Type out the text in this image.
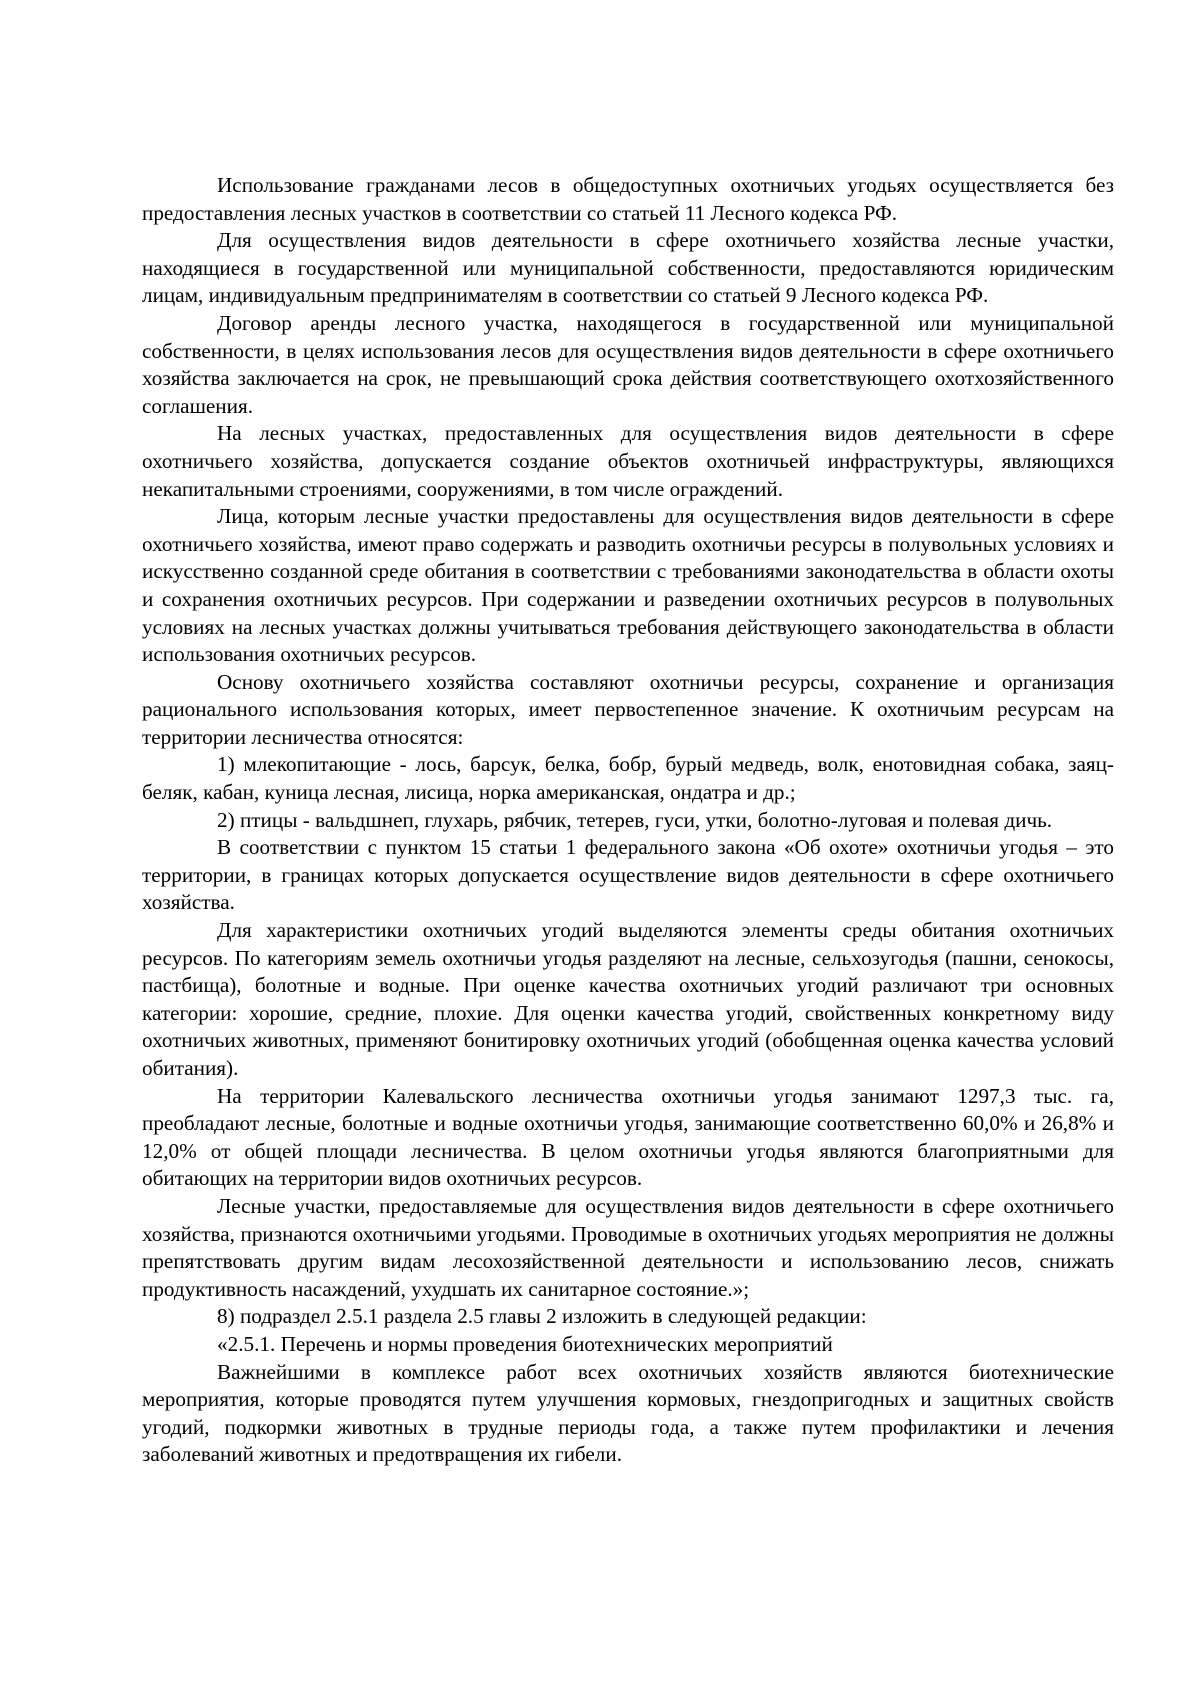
Использование гражданами лесов в общедоступных охотничьих угодьях осуществляется без предоставления лесных участков в соответствии со статьей 11 Лесного кодекса РФ.

Для осуществления видов деятельности в сфере охотничьего хозяйства лесные участки, находящиеся в государственной или муниципальной собственности, предоставляются юридическим лицам, индивидуальным предпринимателям в соответствии со статьей 9 Лесного кодекса РФ.

Договор аренды лесного участка, находящегося в государственной или муниципальной собственности, в целях использования лесов для осуществления видов деятельности в сфере охотничьего хозяйства заключается на срок, не превышающий срока действия соответствующего охотхозяйственного соглашения.

На лесных участках, предоставленных для осуществления видов деятельности в сфере охотничьего хозяйства, допускается создание объектов охотничьей инфраструктуры, являющихся некапитальными строениями, сооружениями, в том числе ограждений.

Лица, которым лесные участки предоставлены для осуществления видов деятельности в сфере охотничьего хозяйства, имеют право содержать и разводить охотничьи ресурсы в полувольных условиях и искусственно созданной среде обитания в соответствии с требованиями законодательства в области охоты и сохранения охотничьих ресурсов. При содержании и разведении охотничьих ресурсов в полувольных условиях на лесных участках должны учитываться требования действующего законодательства в области использования охотничьих ресурсов.

Основу охотничьего хозяйства составляют охотничьи ресурсы, сохранение и организация рационального использования которых, имеет первостепенное значение. К охотничьим ресурсам на территории лесничества относятся:

1) млекопитающие - лось, барсук, белка, бобр, бурый медведь, волк, енотовидная собака, заяц-беляк, кабан, куница лесная, лисица, норка американская, ондатра и др.;

2) птицы - вальдшнеп, глухарь, рябчик, тетерев, гуси, утки, болотно-луговая и полевая дичь.

В соответствии с пунктом 15 статьи 1 федерального закона «Об охоте» охотничьи угодья – это территории, в границах которых допускается осуществление видов деятельности в сфере охотничьего хозяйства.

Для характеристики охотничьих угодий выделяются элементы среды обитания охотничьих ресурсов. По категориям земель охотничьи угодья разделяют на лесные, сельхозугодья (пашни, сенокосы, пастбища), болотные и водные. При оценке качества охотничьих угодий различают три основных категории: хорошие, средние, плохие. Для оценки качества угодий, свойственных конкретному виду охотничьих животных, применяют бонитировку охотничьих угодий (обобщенная оценка качества условий обитания).

На территории Калевальского лесничества охотничьи угодья занимают 1297,3 тыс. га, преобладают лесные, болотные и водные охотничьи угодья, занимающие соответственно 60,0% и 26,8% и 12,0% от общей площади лесничества. В целом охотничьи угодья являются благоприятными для обитающих на территории видов охотничьих ресурсов.

Лесные участки, предоставляемые для осуществления видов деятельности в сфере охотничьего хозяйства, признаются охотничьими угодьями. Проводимые в охотничьих угодьях мероприятия не должны препятствовать другим видам лесохозяйственной деятельности и использованию лесов, снижать продуктивность насаждений, ухудшать их санитарное состояние.»;

8) подраздел 2.5.1 раздела 2.5 главы 2 изложить в следующей редакции:

«2.5.1. Перечень и нормы проведения биотехнических мероприятий

Важнейшими в комплексе работ всех охотничьих хозяйств являются биотехнические мероприятия, которые проводятся путем улучшения кормовых, гнездопригодных и защитных свойств угодий, подкормки животных в трудные периоды года, а также путем профилактики и лечения заболеваний животных и предотвращения их гибели.
